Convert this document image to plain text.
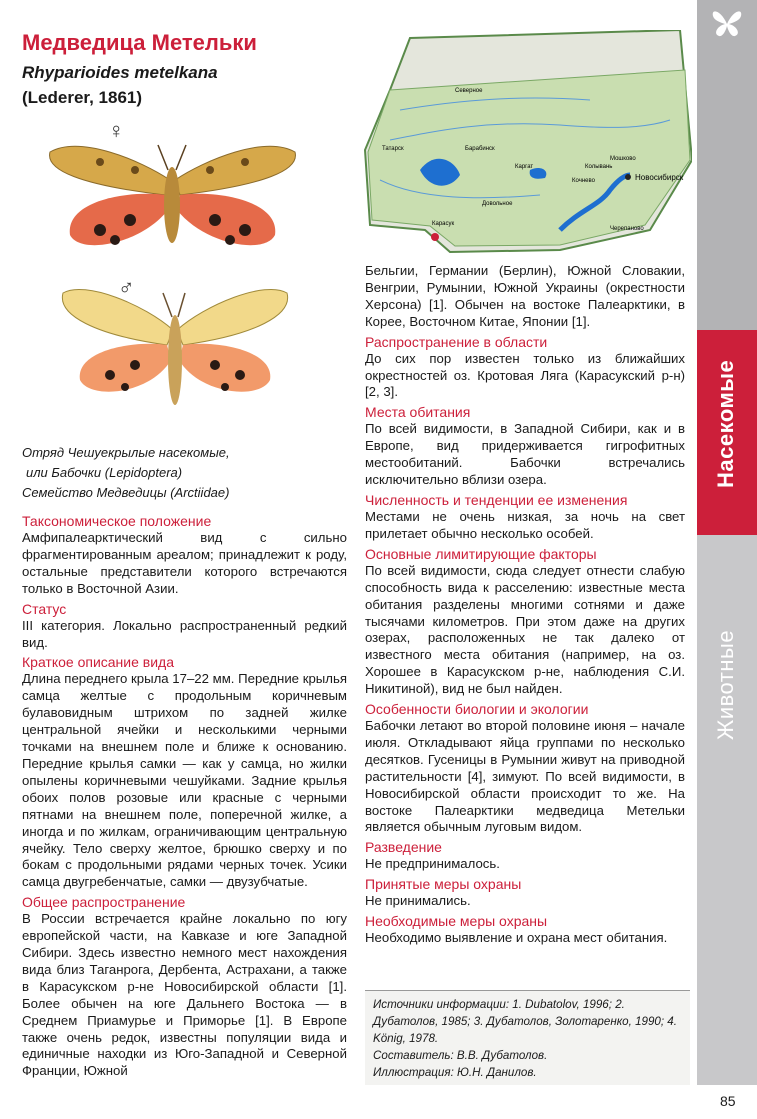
Насекомые
Животные
85
Медведица Метельки
Rhyparioides metelkana
(Lederer, 1861)
♀
♂
Северное
Татарск	Барабинск
Каргат
Мошково
Колывань
Новосибирск
Кочнево
Довольное
Карасук
Черепаново
Отряд Чешуекрылые насекомые,
или Бабочки (Lepidoptera)
Семейство Медведицы (Arctiidae)

Таксономическое положение

Амфипалеарктический вид с сильно фрагментированным ареалом; принадлежит к роду, остальные представители которого встречаются только в Восточной Азии.

Статус

III категория. Локально распространенный редкий вид.

Краткое описание вида

Длина переднего крыла 17–22 мм. Передние крылья самца желтые с продольным коричневым булавовидным штрихом по задней жилке центральной ячейки и несколькими черными точками на внешнем поле и ближе к основанию. Передние крылья самки — как у самца, но жилки опылены коричневыми чешуйками. Задние крылья обоих полов розовые или красные с черными пятнами на внешнем поле, поперечной жилке, а иногда и по жилкам, ограничивающим центральную ячейку. Тело сверху желтое, брюшко сверху и по бокам с продольными рядами черных точек. Усики самца двугребенчатые, самки — двузубчатые.

Общее распространение

В России встречается крайне локально по югу европейской части, на Кавказе и юге Западной Сибири. Здесь известно немного мест нахождения вида близ Таганрога, Дербента, Астрахани, а также в Карасукском р-не Новосибирской области [1]. Более обычен на юге Дальнего Востока — в Среднем Приамурье и Приморье [1]. В Европе также очень редок, известны популяции вида и единичные находки из Юго-Западной и Северной Франции, Южной

Бельгии, Германии (Берлин), Южной Словакии, Венгрии, Румынии, Южной Украины (окрестности Херсона) [1]. Обычен на востоке Палеарктики, в Корее, Восточном Китае, Японии [1].

Распространение в области

До сих пор известен только из ближайших окрестностей оз. Кротовая Ляга (Карасукский р-н) [2, 3].

Места обитания

По всей видимости, в Западной Сибири, как и в Европе, вид придерживается гигрофитных местообитаний. Бабочки встречались исключительно вблизи озера.

Численность и тенденции ее изменения

Местами не очень низкая, за ночь на свет прилетает обычно несколько особей.

Основные лимитирующие факторы

По всей видимости, сюда следует отнести слабую способность вида к расселению: известные места обитания разделены многими сотнями и даже тысячами километров. При этом даже на других озерах, расположенных не так далеко от известного места обитания (например, на оз. Хорошее в Карасукском р-не, наблюдения С.И. Никитиной), вид не был найден.

Особенности биологии и экологии

Бабочки летают во второй половине июня – начале июля. Откладывают яйца группами по несколько десятков. Гусеницы в Румынии живут на приводной растительности [4], зимуют. По всей видимости, в Новосибирской области происходит то же. На востоке Палеарктики медведица Метельки является обычным луговым видом.

Разведение

Не предпринималось.

Принятые меры охраны

Не принимались.

Необходимые меры охраны

Необходимо выявление и охрана мест обитания.

Источники информации: 1. Dubatolov, 1996; 2. Дубатолов, 1985; 3. Дубатолов, Золотаренко, 1990; 4. König, 1978.
Составитель: В.В. Дубатолов.
Иллюстрация: Ю.Н. Данилов.
